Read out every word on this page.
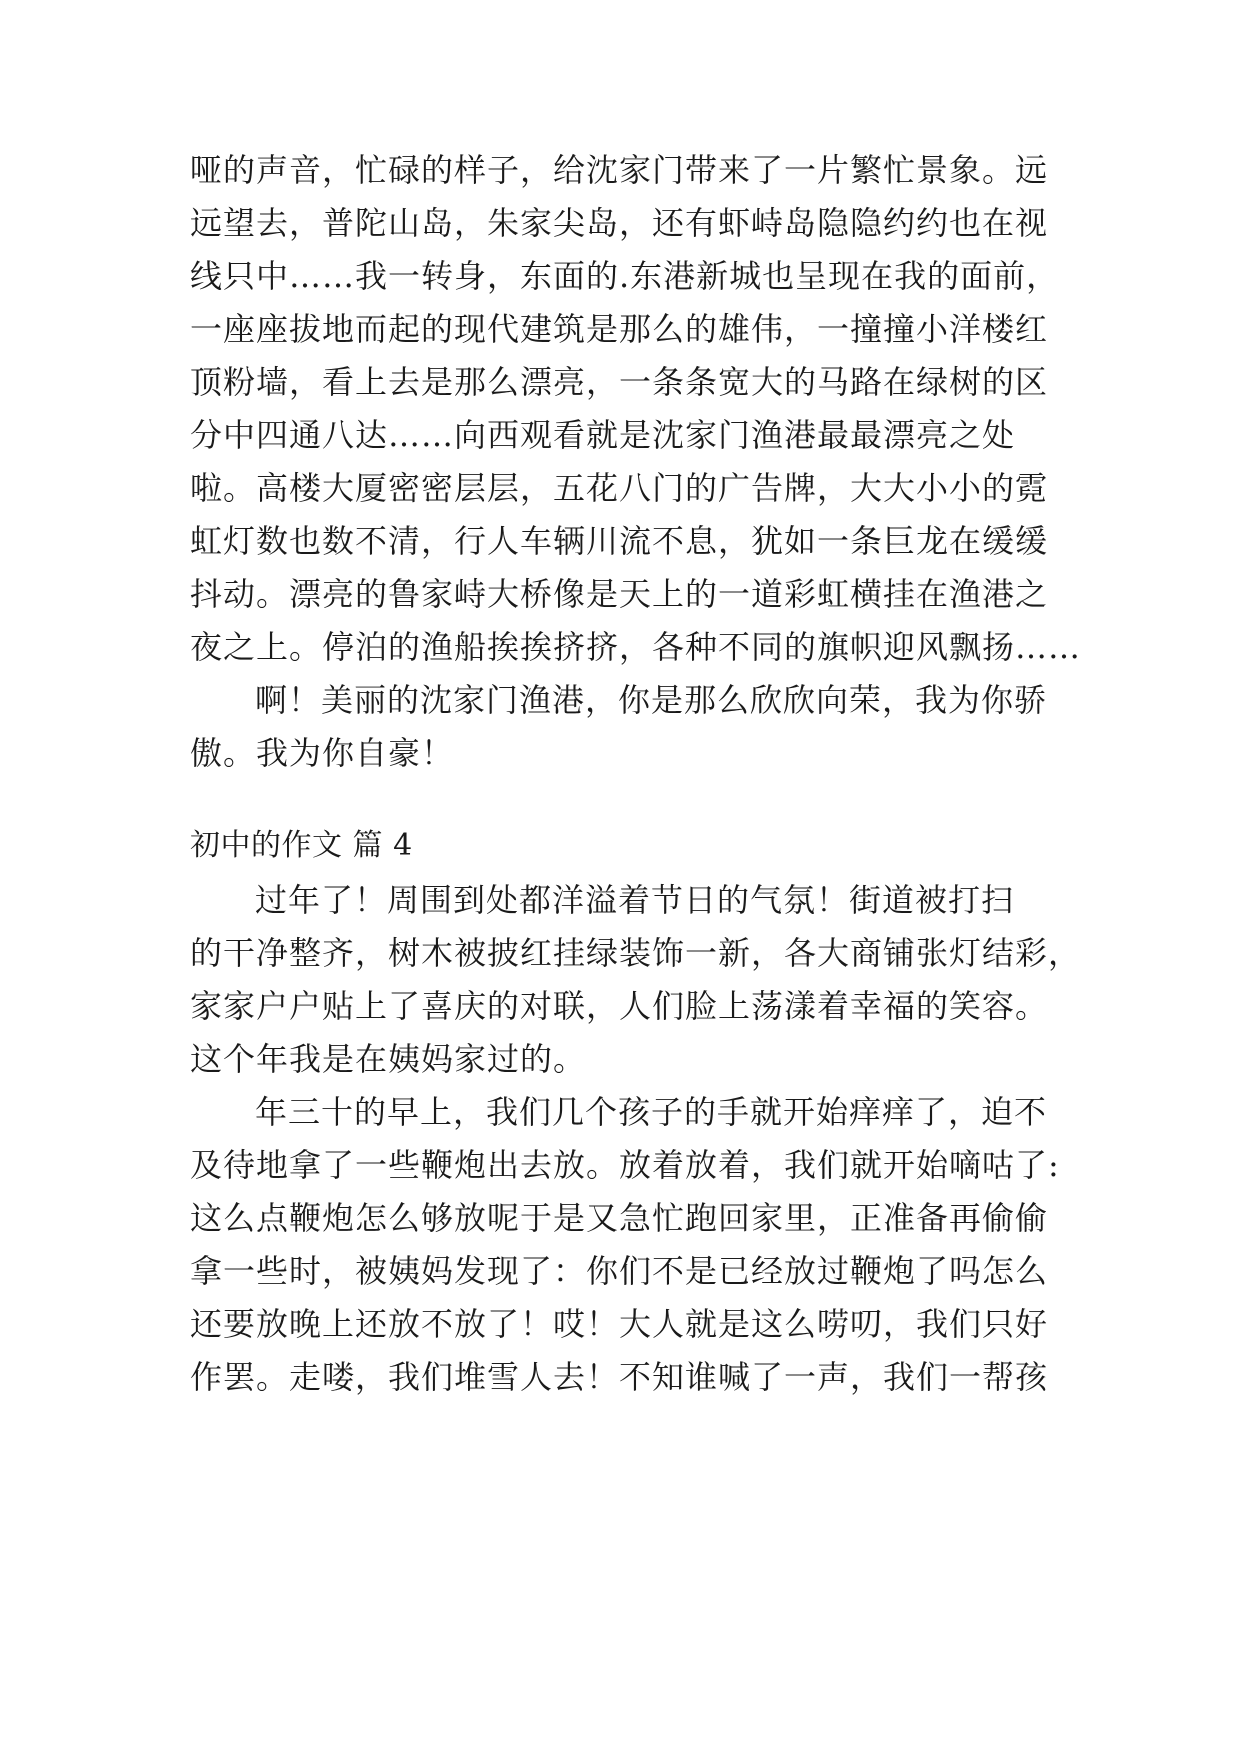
哑的声音，忙碌的样子，给沈家门带来了一片繁忙景象。远
远望去，普陀山岛，朱家尖岛，还有虾峙岛隐隐约约也在视
线只中……我一转身，东面的.东港新城也呈现在我的面前，
一座座拔地而起的现代建筑是那么的雄伟，一撞撞小洋楼红
顶粉墙，看上去是那么漂亮，一条条宽大的马路在绿树的区
分中四通八达……向西观看就是沈家门渔港最最漂亮之处
啦。高楼大厦密密层层，五花八门的广告牌，大大小小的霓
虹灯数也数不清，行人车辆川流不息，犹如一条巨龙在缓缓
抖动。漂亮的鲁家峙大桥像是天上的一道彩虹横挂在渔港之
夜之上。停泊的渔船挨挨挤挤，各种不同的旗帜迎风飘扬……
啊！美丽的沈家门渔港，你是那么欣欣向荣，我为你骄
傲。我为你自豪！
初中的作文 篇 4
过年了！周围到处都洋溢着节日的气氛！街道被打扫
的干净整齐，树木被披红挂绿装饰一新，各大商铺张灯结彩，
家家户户贴上了喜庆的对联，人们脸上荡漾着幸福的笑容。
这个年我是在姨妈家过的。
年三十的早上，我们几个孩子的手就开始痒痒了，迫不
及待地拿了一些鞭炮出去放。放着放着，我们就开始嘀咕了:
这么点鞭炮怎么够放呢于是又急忙跑回家里，正准备再偷偷
拿一些时，被姨妈发现了：你们不是已经放过鞭炮了吗怎么
还要放晚上还放不放了！哎！大人就是这么唠叨，我们只好
作罢。走喽，我们堆雪人去！不知谁喊了一声，我们一帮孩
